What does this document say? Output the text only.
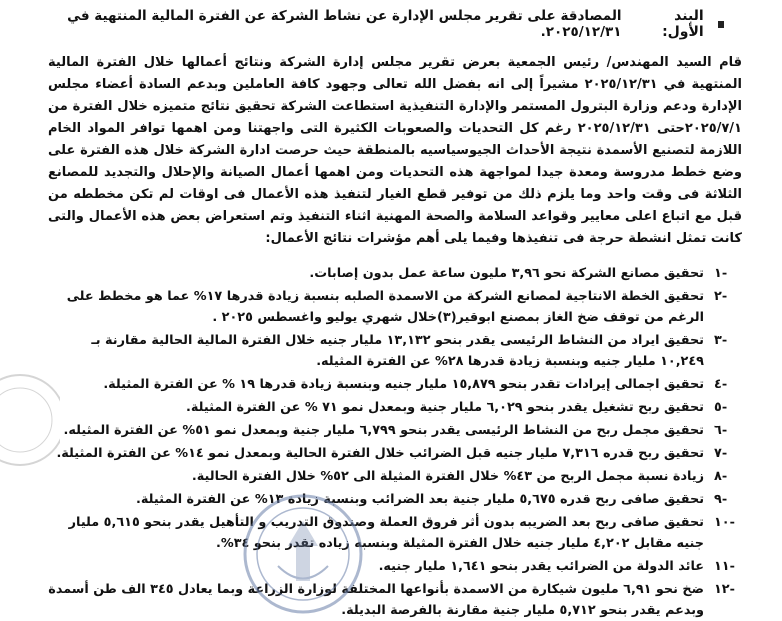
البند الأول:
المصادقة على تقرير مجلس الإدارة عن نشاط الشركة عن الفترة المالية المنتهية في ٢٠٢٥/١٢/٣١.

قام السيد المهندس/ رئيس الجمعية بعرض تقرير مجلس إدارة الشركة ونتائج أعمالها خلال الفترة المالية المنتهية في ٢٠٢٥/١٢/٣١ مشيراً إلى انه بفضل الله تعالى وجهود كافة العاملين وبدعم السادة أعضاء مجلس الإدارة ودعم وزارة البترول المستمر والإدارة التنفيذية استطاعت الشركة تحقيق نتائج متميزه خلال الفترة من ٢٠٢٥/٧/١حتى ٢٠٢٥/١٢/٣١ رغم كل التحديات والصعوبات الكثيرة التى واجهتنا ومن اهمها توافر المواد الخام اللازمة لتصنيع الأسمدة نتيجة الأحداث الجيوسياسيه بالمنطقة حيث حرصت ادارة الشركة خلال هذه الفترة على وضع خطط مدروسة ومعدة جيدا لمواجهة هذه التحديات ومن اهمها أعمال الصيانة والإحلال والتجديد للمصانع الثلاثة فى وقت واحد وما يلزم ذلك من توفير قطع الغيار لتنفيذ هذه الأعمال فى اوقات لم تكن مخططه من قبل مع اتباع اعلى معايير وقواعد السلامة والصحة المهنية اثناء التنفيذ وتم استعراض بعض هذه الأعمال والتى كانت تمثل انشطة حرجة فى تنفيذها وفيما يلى أهم مؤشرات نتائج الأعمال:

-١
تحقيق مصانع الشركة نحو ٣,٩٦ مليون ساعة عمل بدون إصابات.
-٢
تحقيق الخطة الانتاجية لمصانع الشركة من الاسمدة الصلبه بنسبة زيادة قدرها ١٧% عما هو مخطط على الرغم من توقف ضخ الغاز بمصنع ابوقير(٣)خلال شهري يوليو واغسطس ٢٠٢٥ .
-٣
تحقيق ايراد من النشاط الرئيسى يقدر بنحو ١٣,١٣٢ مليار جنيه خلال الفترة المالية الحالية مقارنة بـ ١٠,٢٤٩ مليار جنيه وبنسبة زيادة قدرها ٢٨% عن الفترة المثيله.
-٤
تحقيق اجمالى إيرادات تقدر بنحو ١٥,٨٧٩ مليار جنيه وبنسبة زيادة قدرها ١٩ % عن الفترة المثيلة.
-٥
تحقيق ربح تشغيل يقدر بنحو ٦,٠٢٩ مليار جنية وبمعدل نمو ٧١ % عن الفترة المثيلة.
-٦
تحقيق مجمل ربح من النشاط الرئيسى يقدر بنحو ٦,٧٩٩ مليار جنية وبمعدل نمو ٥١% عن الفترة المثيله.
-٧
تحقيق ربح قدره ٧,٣١٦ مليار جنيه قبل الضرائب خلال الفترة الحالية وبمعدل نمو ١٤% عن الفترة المثيلة.
-٨
زيادة نسبة مجمل الربح من ٤٣% خلال الفترة المثيلة الى ٥٢% خلال الفترة الحالية.
-٩
تحقيق صافى ربح قدره ٥,٦٧٥ مليار جنية بعد الضرائب وبنسبة زيادة ١٣% عن الفترة المثيلة.
-١٠
تحقيق صافى ربح بعد الضريبه بدون أثر فروق العملة وصندوق التدريب و التأهيل يقدر بنحو ٥,٦١٥ مليار جنيه مقابل ٤,٢٠٢ مليار جنيه خلال الفترة المثيلة وبنسبه زياده تقدر بنحو ٣٤%.
-١١
عائد الدولة من الضرائب يقدر بنحو ١,٦٤١ مليار جنيه.
-١٢
ضخ نحو ٦,٩١ مليون شيكارة من الاسمدة بأنواعها المختلفة لوزارة الزراعة وبما يعادل ٣٤٥ الف طن أسمدة وبدعم يقدر بنحو ٥,٧١٢ مليار جنية مقارنة بالفرصة البديلة.
